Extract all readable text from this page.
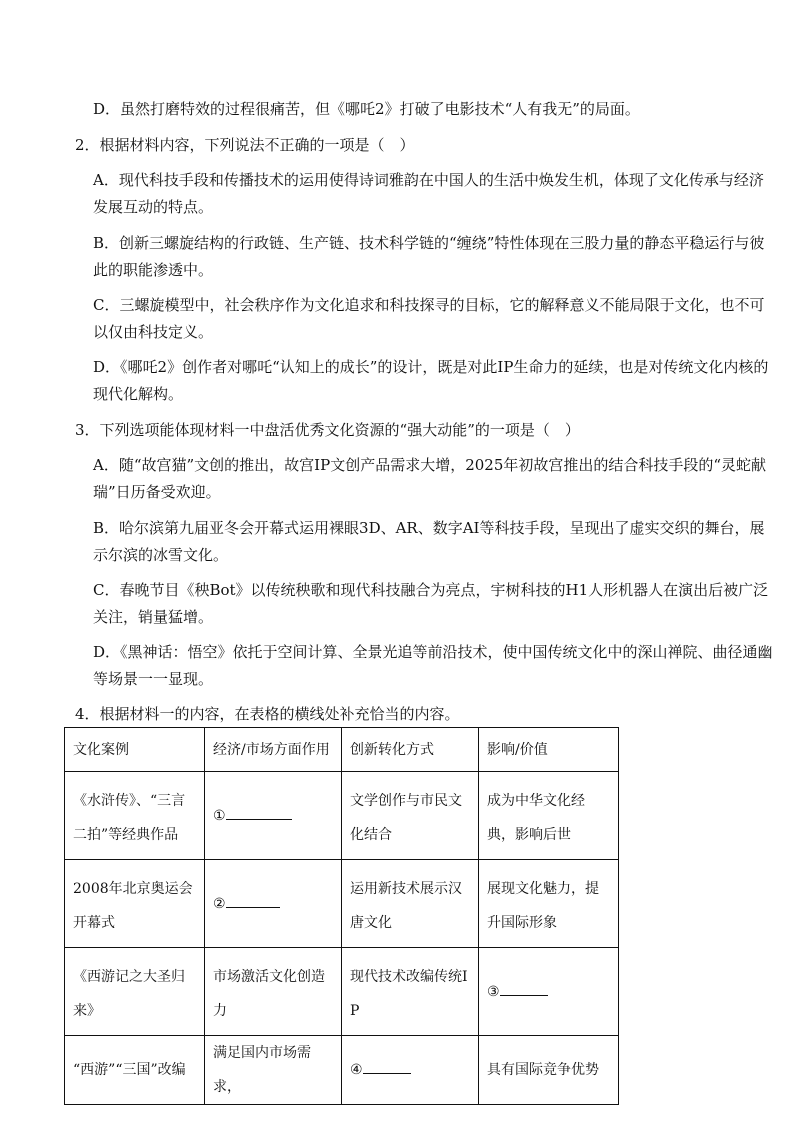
D．虽然打磨特效的过程很痛苦，但《哪吒2》打破了电影技术“人有我无”的局面。
2．根据材料内容，下列说法不正确的一项是（　）
A．现代科技手段和传播技术的运用使得诗词雅韵在中国人的生活中焕发生机，体现了文化传承与经济
发展互动的特点。
B．创新三螺旋结构的行政链、生产链、技术科学链的“缠绕”特性体现在三股力量的静态平稳运行与彼
此的职能渗透中。
C．三螺旋模型中，社会秩序作为文化追求和科技探寻的目标，它的解释意义不能局限于文化，也不可
以仅由科技定义。
D．《哪吒2》创作者对哪吒“认知上的成长”的设计，既是对此IP生命力的延续，也是对传统文化内核的
现代化解构。
3．下列选项能体现材料一中盘活优秀文化资源的“强大动能”的一项是（　）
A．随“故宫猫”文创的推出，故宫IP文创产品需求大增，2025年初故宫推出的结合科技手段的“灵蛇献
瑞”日历备受欢迎。
B．哈尔滨第九届亚冬会开幕式运用裸眼3D、AR、数字AI等科技手段，呈现出了虚实交织的舞台，展
示尔滨的冰雪文化。
C．春晚节目《秧Bot》以传统秧歌和现代科技融合为亮点，宇树科技的H1人形机器人在演出后被广泛
关注，销量猛增。
D．《黑神话：悟空》依托于空间计算、全景光追等前沿技术，使中国传统文化中的深山禅院、曲径通幽
等场景一一显现。
4．根据材料一的内容，在表格的横线处补充恰当的内容。
文化案例	经济/市场方面作用	创新转化方式	影响/价值
《水浒传》、“三言二拍”等经典作品	①	文学创作与市民文化结合	成为中华文化经典，影响后世
2008年北京奥运会开幕式	②	运用新技术展示汉唐文化	展现文化魅力，提升国际形象
《西游记之大圣归来》	市场激活文化创造力	现代技术改编传统IP	③
“西游”“三国”改编	满足国内市场需求，	④	具有国际竞争优势
